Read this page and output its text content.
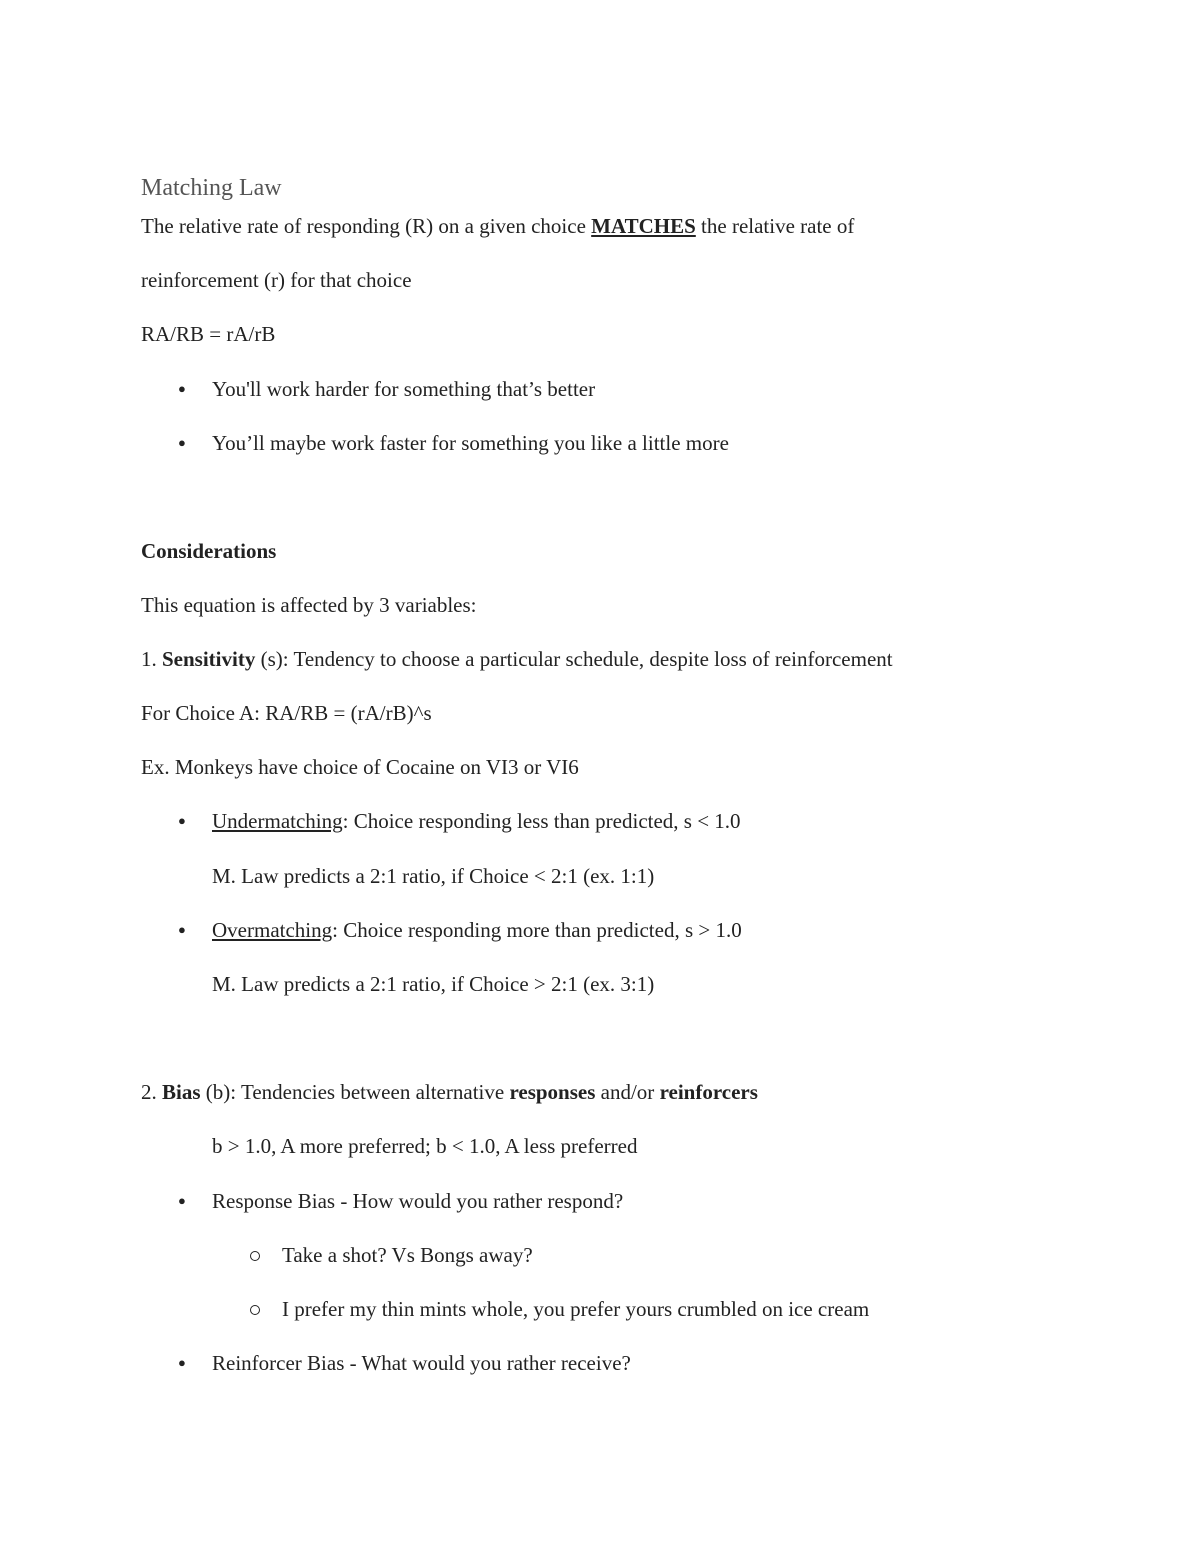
Matching Law
The relative rate of responding (R) on a given choice MATCHES the relative rate of
reinforcement (r) for that choice
RA/RB = rA/rB
● You'll work harder for something that’s better
● You’ll maybe work faster for something you like a little more
Considerations
This equation is affected by 3 variables:
1. Sensitivity (s): Tendency to choose a particular schedule, despite loss of reinforcement
For Choice A: RA/RB = (rA/rB)^s
Ex. Monkeys have choice of Cocaine on VI3 or VI6
● Undermatching: Choice responding less than predicted, s < 1.0
M. Law predicts a 2:1 ratio, if Choice < 2:1 (ex. 1:1)
● Overmatching: Choice responding more than predicted, s > 1.0
M. Law predicts a 2:1 ratio, if Choice > 2:1 (ex. 3:1)
2. Bias (b): Tendencies between alternative responses and/or reinforcers
b > 1.0, A more preferred; b < 1.0, A less preferred
● Response Bias - How would you rather respond?
Take a shot? Vs Bongs away?
I prefer my thin mints whole, you prefer yours crumbled on ice cream
● Reinforcer Bias - What would you rather receive?
